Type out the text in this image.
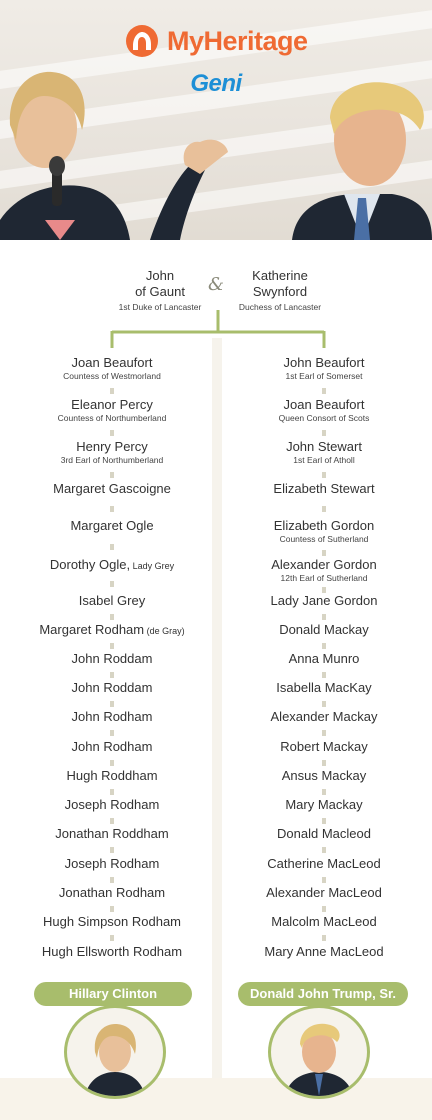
MyHeritage
Geni
John
of Gaunt
1st Duke of Lancaster
&	Katherine
Swynford
Duchess of Lancaster
Joan Beaufort
Countess of Westmorland
Eleanor Percy
Countess of Northumberland
Henry Percy
3rd Earl of Northumberland
Margaret Gascoigne
Margaret Ogle
Dorothy Ogle, Lady Grey
Isabel Grey
Margaret Rodham (de Gray)
John Roddam
John Roddam
John Rodham
John Rodham
Hugh Roddham
Joseph Rodham
Jonathan Roddham
Joseph Rodham
Jonathan Rodham
Hugh Simpson Rodham
Hugh Ellsworth Rodham
John Beaufort
1st Earl of Somerset
Joan Beaufort
Queen Consort of Scots
John Stewart
1st Earl of Atholl
Elizabeth Stewart
Elizabeth Gordon
Countess of Sutherland
Alexander Gordon
12th Earl of Sutherland
Lady Jane Gordon
Donald Mackay
Anna Munro
Isabella MacKay
Alexander Mackay
Robert Mackay
Ansus Mackay
Mary Mackay
Donald Macleod
Catherine MacLeod
Alexander MacLeod
Malcolm MacLeod
Mary Anne MacLeod
Hillary Clinton	Donald John Trump, Sr.
